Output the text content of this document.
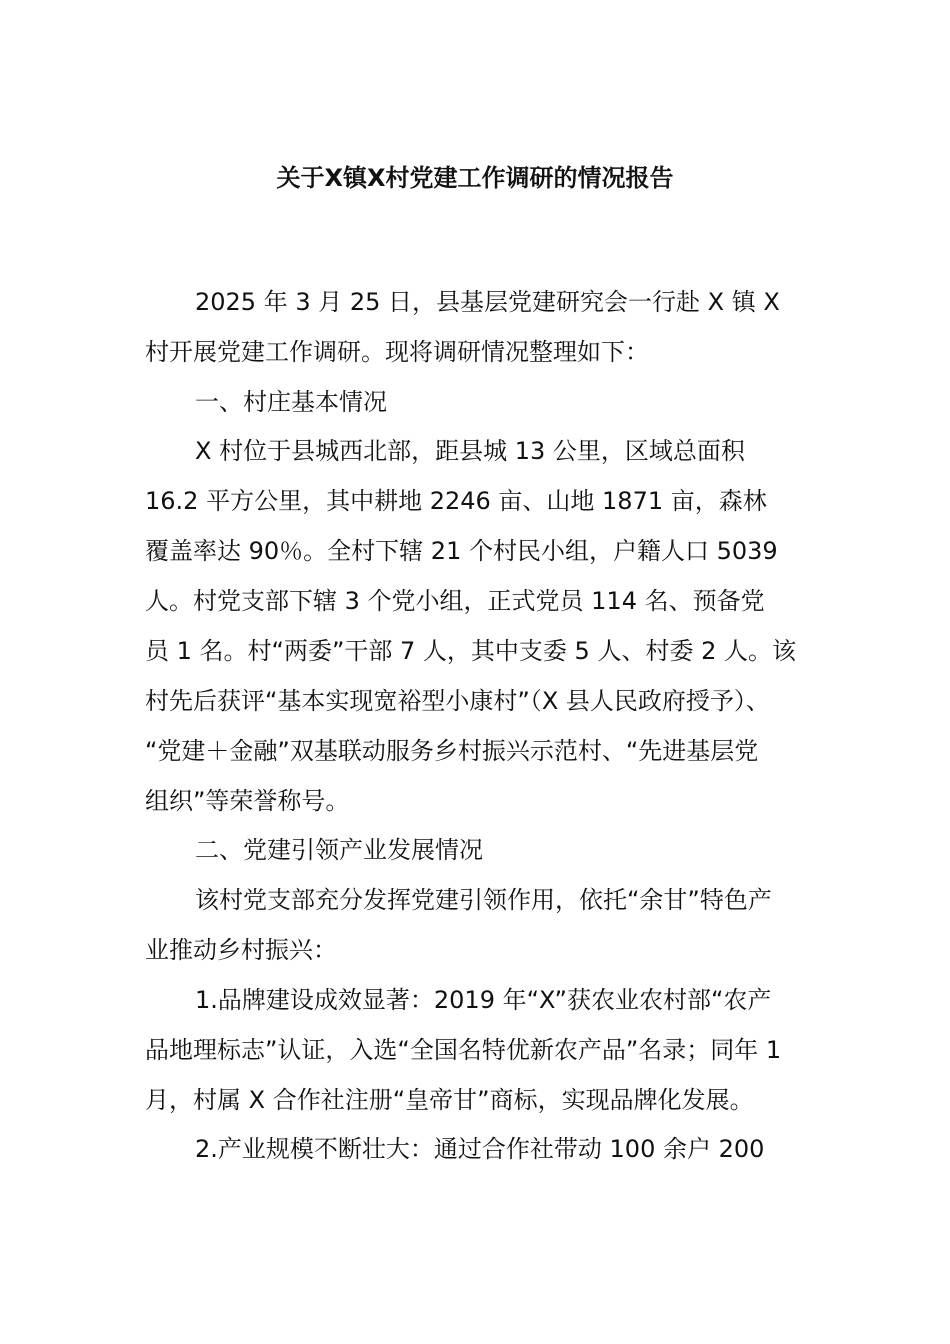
关于X镇X村党建工作调研的情况报告
2025 年 3 月 25 日，县基层党建研究会一行赴 X 镇 X
村开展党建工作调研。现将调研情况整理如下：
一、村庄基本情况
X 村位于县城西北部，距县城 13 公里，区域总面积
16.2 平方公里，其中耕地 2246 亩、山地 1871 亩，森林
覆盖率达 90％。全村下辖 21 个村民小组，户籍人口 5039
人。村党支部下辖 3 个党小组，正式党员 114 名、预备党
员 1 名。村“两委”干部 7 人，其中支委 5 人、村委 2 人。该
村先后获评“基本实现宽裕型小康村”（X 县人民政府授予）、
“党建＋金融”双基联动服务乡村振兴示范村、“先进基层党
组织”等荣誉称号。
二、党建引领产业发展情况
该村党支部充分发挥党建引领作用，依托“余甘”特色产
业推动乡村振兴：
1.品牌建设成效显著：2019 年“X”获农业农村部“农产
品地理标志”认证，入选“全国名特优新农产品”名录；同年 1
月，村属 X 合作社注册“皇帝甘”商标，实现品牌化发展。
2.产业规模不断壮大：通过合作社带动 100 余户 200
